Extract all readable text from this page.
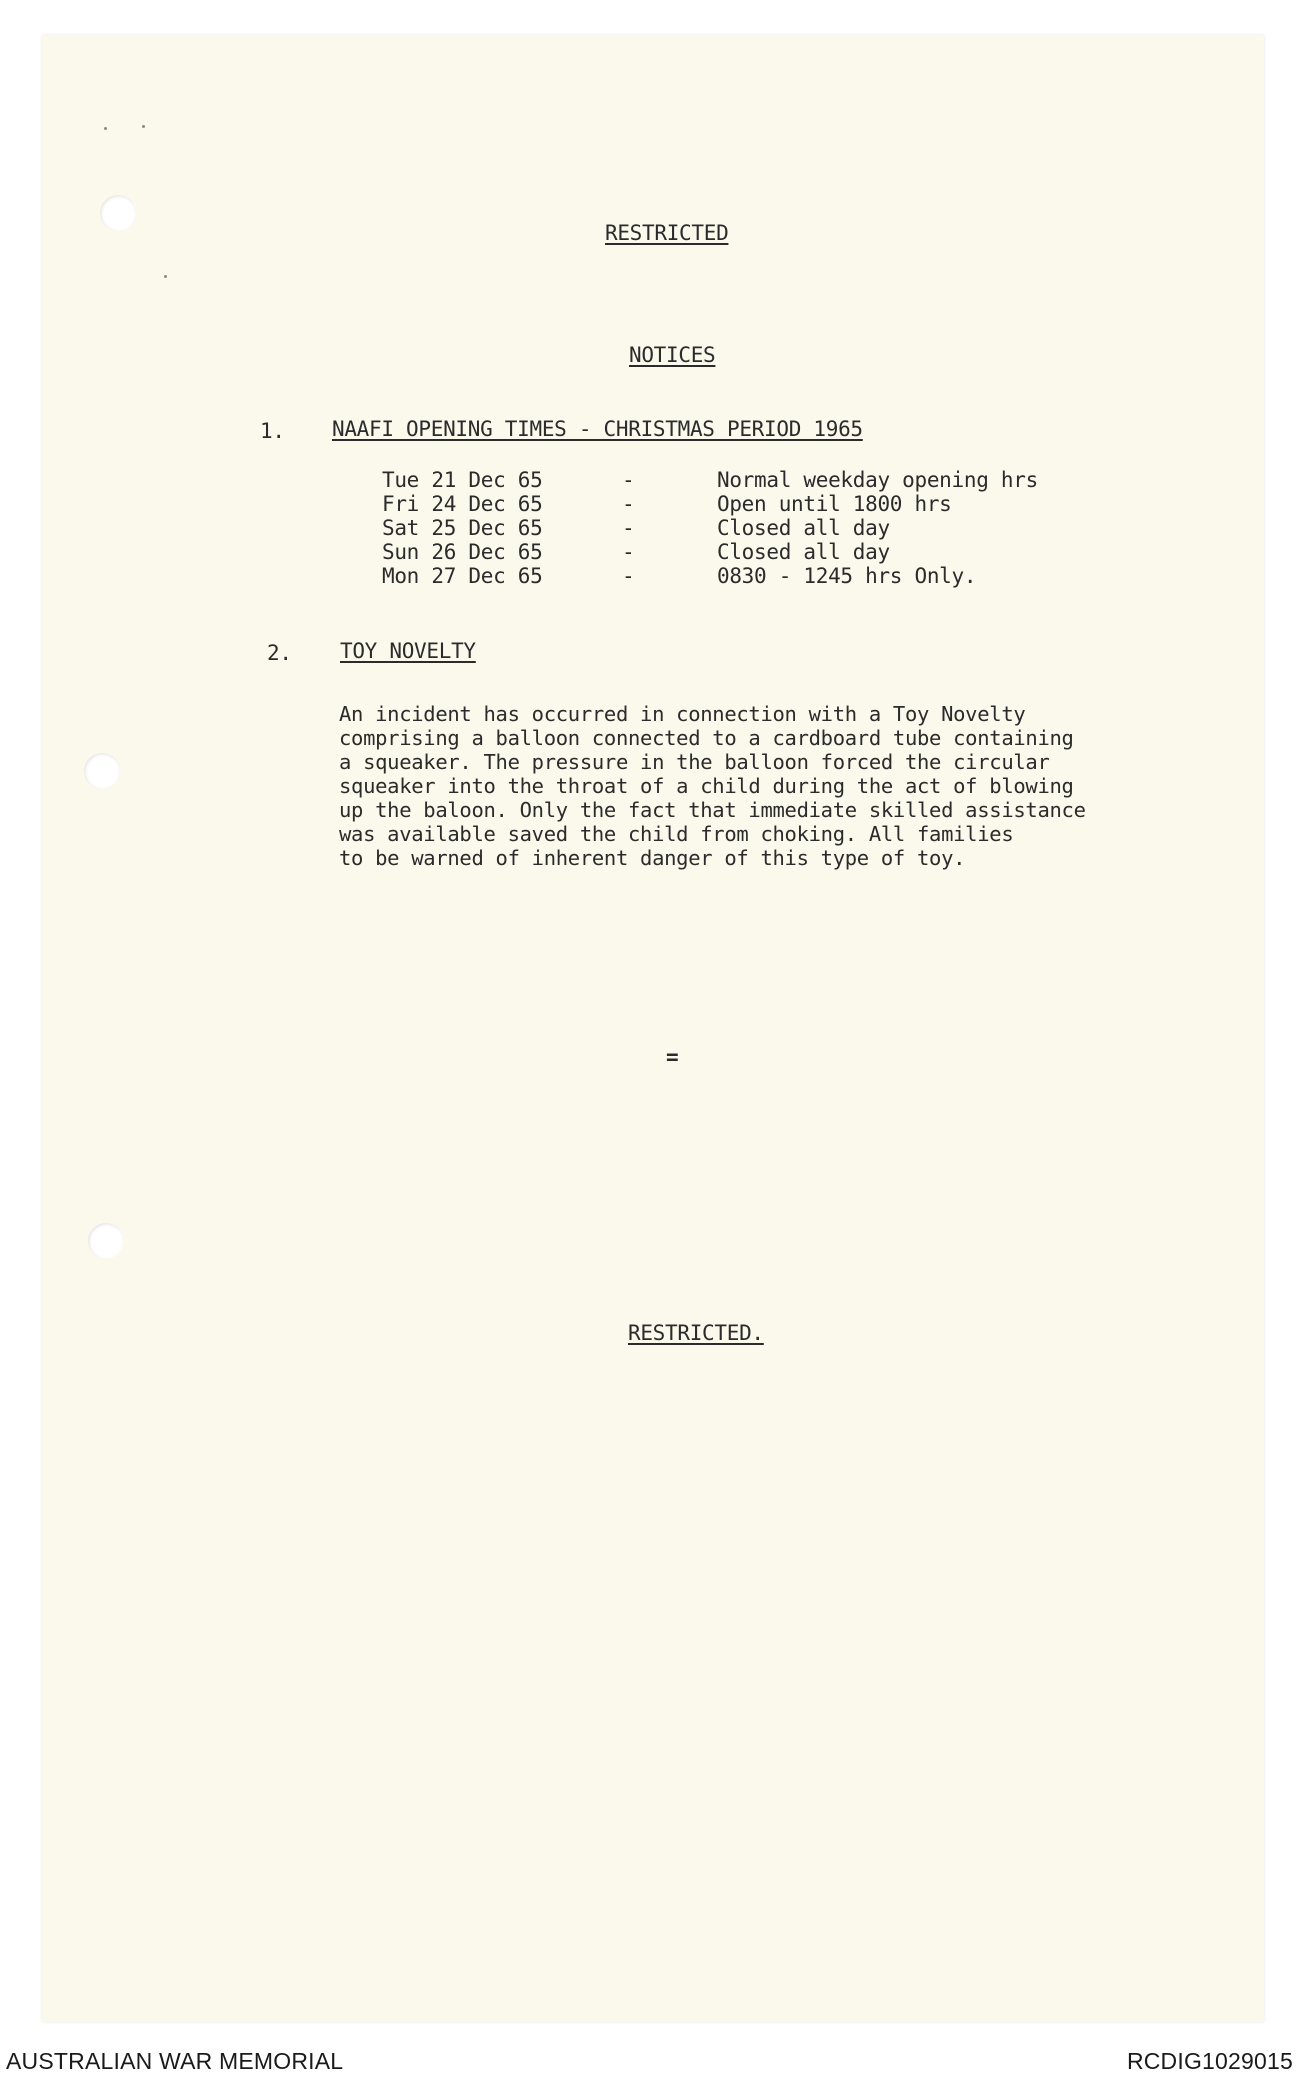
RESTRICTED
NOTICES
1. NAAFI OPENING TIMES - CHRISTMAS PERIOD 1965
Tue 21 Dec 65	-	Normal weekday opening hrs
Fri 24 Dec 65	-	Open until 1800 hrs
Sat 25 Dec 65	-	Closed all day
Sun 26 Dec 65	-	Closed all day
Mon 27 Dec 65	-	0830 - 1245 hrs Only.
2. TOY NOVELTY
An incident has occurred in connection with a Toy Novelty
comprising a balloon connected to a cardboard tube containing
a squeaker. The pressure in the balloon forced the circular
squeaker into the throat of a child during the act of blowing
up the baloon. Only the fact that immediate skilled assistance
was available saved the child from choking. All families
to be warned of inherent danger of this type of toy.
=
RESTRICTED.
AUSTRALIAN WAR MEMORIAL	RCDIG1029015
